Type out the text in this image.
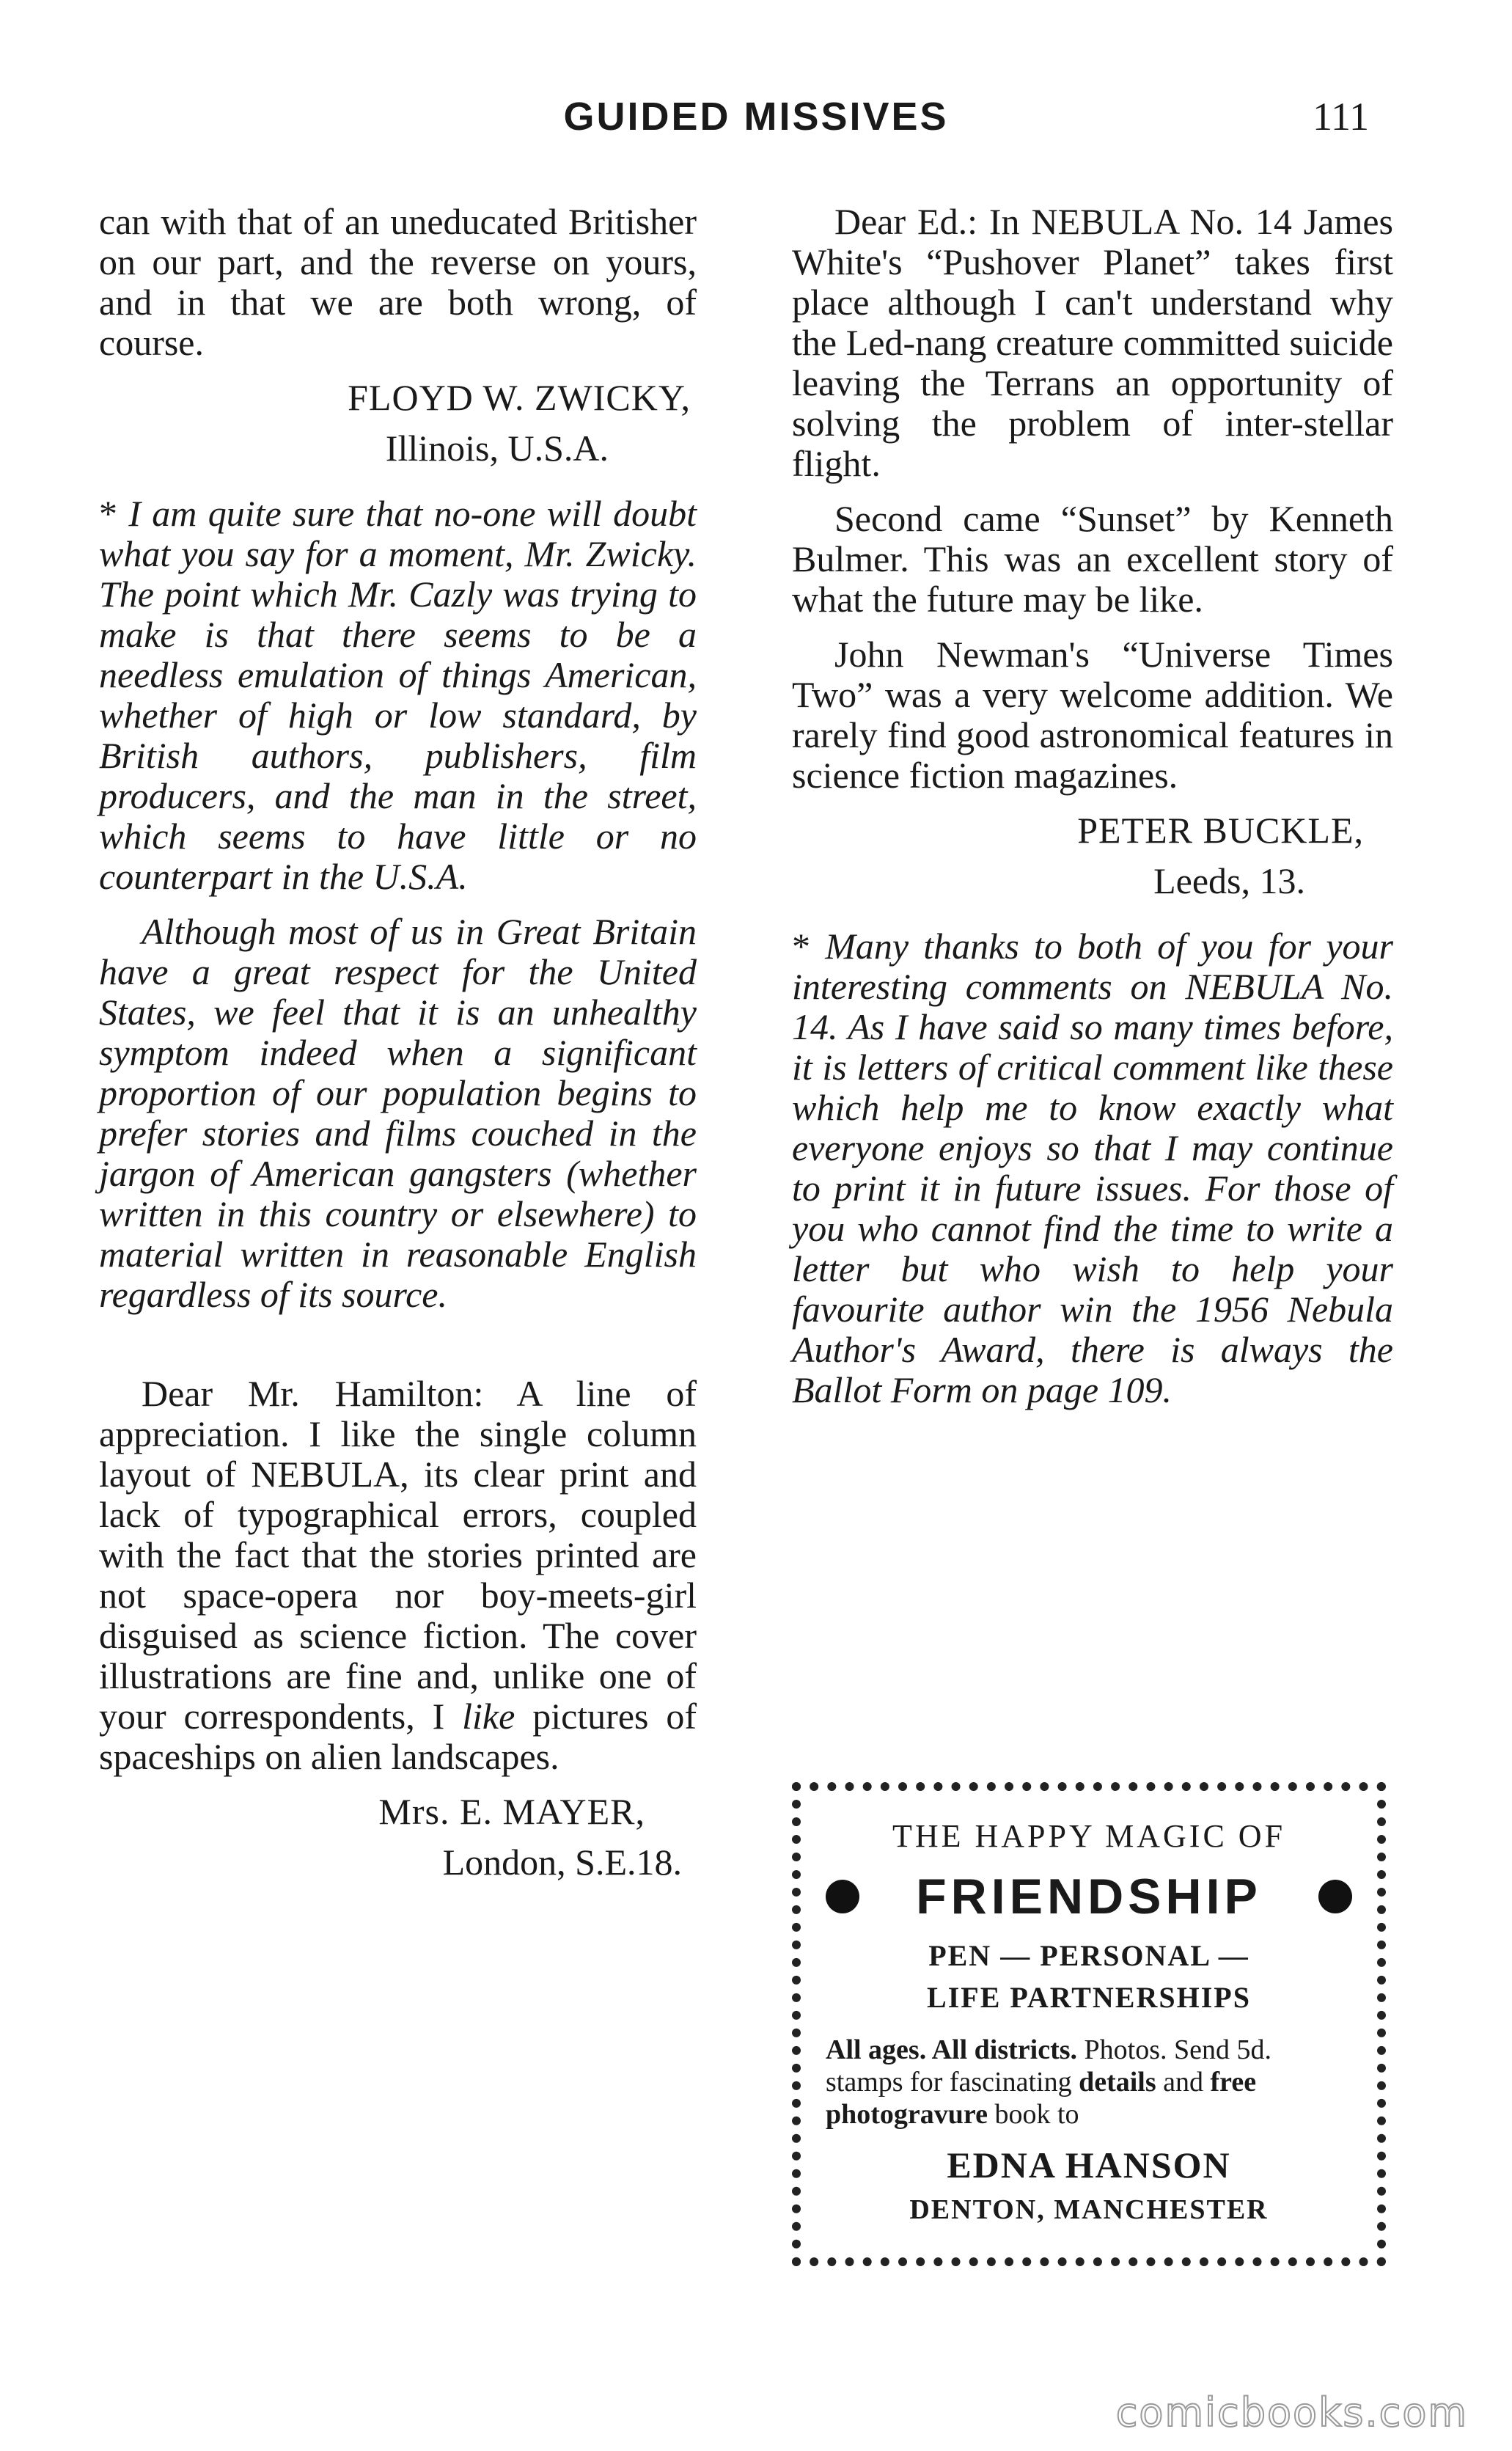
GUIDED MISSIVES	111

can with that of an uneducated Britisher on our part, and the reverse on yours, and in that we are both wrong, of course.

FLOYD W. ZWICKY,
Illinois, U.S.A.

* I am quite sure that no-one will doubt what you say for a moment, Mr. Zwicky. The point which Mr. Cazly was trying to make is that there seems to be a needless emulation of things American, whether of high or low standard, by British authors, publishers, film producers, and the man in the street, which seems to have little or no counterpart in the U.S.A.

Although most of us in Great Britain have a great respect for the United States, we feel that it is an unhealthy symptom indeed when a significant proportion of our population begins to prefer stories and films couched in the jargon of American gangsters (whether written in this country or elsewhere) to material written in reasonable English regardless of its source.

Dear Mr. Hamilton: A line of appreciation. I like the single column layout of NEBULA, its clear print and lack of typographical errors, coupled with the fact that the stories printed are not space-opera nor boy-meets-girl disguised as science fiction. The cover illustrations are fine and, unlike one of your correspondents, I like pictures of spaceships on alien landscapes.

Mrs. E. MAYER,
London, S.E.18.

Dear Ed.: In NEBULA No. 14 James White's “Pushover Planet” takes first place although I can't understand why the Led-nang creature committed suicide leaving the Terrans an opportunity of solving the problem of inter-stellar flight.

Second came “Sunset” by Kenneth Bulmer. This was an excellent story of what the future may be like.

John Newman's “Universe Times Two” was a very welcome addition. We rarely find good astronomical features in science fiction magazines.

PETER BUCKLE,
Leeds, 13.

* Many thanks to both of you for your interesting comments on NEBULA No. 14. As I have said so many times before, it is letters of critical comment like these which help me to know exactly what everyone enjoys so that I may continue to print it in future issues. For those of you who cannot find the time to write a letter but who wish to help your favourite author win the 1956 Nebula Author's Award, there is always the Ballot Form on page 109.

THE HAPPY MAGIC OF
FRIENDSHIP
PEN — PERSONAL —
LIFE PARTNERSHIPS
All ages. All districts. Photos. Send 5d. stamps for fascinating details and free photogravure book to
EDNA HANSON
DENTON, MANCHESTER
comicbooks.com
